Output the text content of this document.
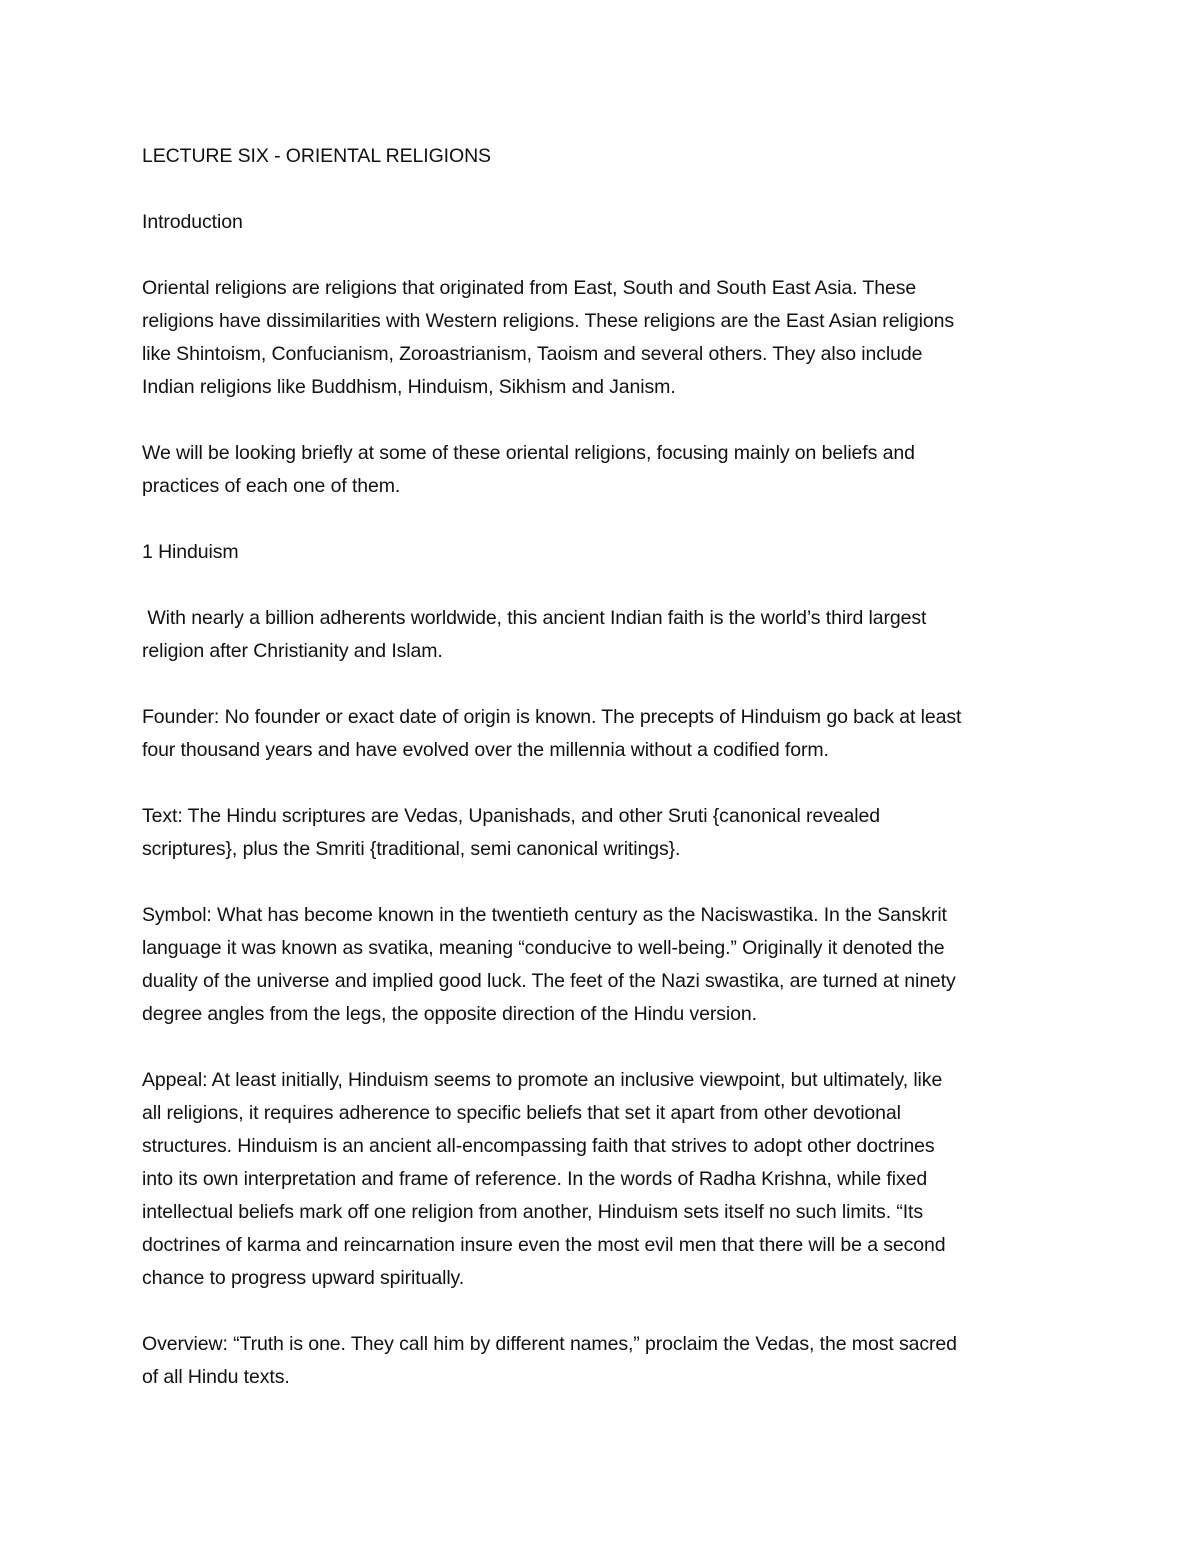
LECTURE SIX - ORIENTAL RELIGIONS
Introduction
Oriental religions are religions that originated from East, South and South East Asia. These
religions have dissimilarities with Western religions. These religions are the East Asian religions
like Shintoism, Confucianism, Zoroastrianism, Taoism and several others. They also include
Indian religions like Buddhism, Hinduism, Sikhism and Janism.
We will be looking briefly at some of these oriental religions, focusing mainly on beliefs and
practices of each one of them.
1 Hinduism
With nearly a billion adherents worldwide, this ancient Indian faith is the world’s third largest
religion after Christianity and Islam.
Founder: No founder or exact date of origin is known. The precepts of Hinduism go back at least
four thousand years and have evolved over the millennia without a codified form.
Text: The Hindu scriptures are Vedas, Upanishads, and other Sruti {canonical revealed
scriptures}, plus the Smriti {traditional, semi canonical writings}.
Symbol: What has become known in the twentieth century as the Naciswastika. In the Sanskrit
language it was known as svatika, meaning “conducive to well-being.” Originally it denoted the
duality of the universe and implied good luck. The feet of the Nazi swastika, are turned at ninety
degree angles from the legs, the opposite direction of the Hindu version.
Appeal: At least initially, Hinduism seems to promote an inclusive viewpoint, but ultimately, like
all religions, it requires adherence to specific beliefs that set it apart from other devotional
structures. Hinduism is an ancient all-encompassing faith that strives to adopt other doctrines
into its own interpretation and frame of reference. In the words of Radha Krishna, while fixed
intellectual beliefs mark off one religion from another, Hinduism sets itself no such limits. “Its
doctrines of karma and reincarnation insure even the most evil men that there will be a second
chance to progress upward spiritually.
Overview: “Truth is one. They call him by different names,” proclaim the Vedas, the most sacred
of all Hindu texts.
